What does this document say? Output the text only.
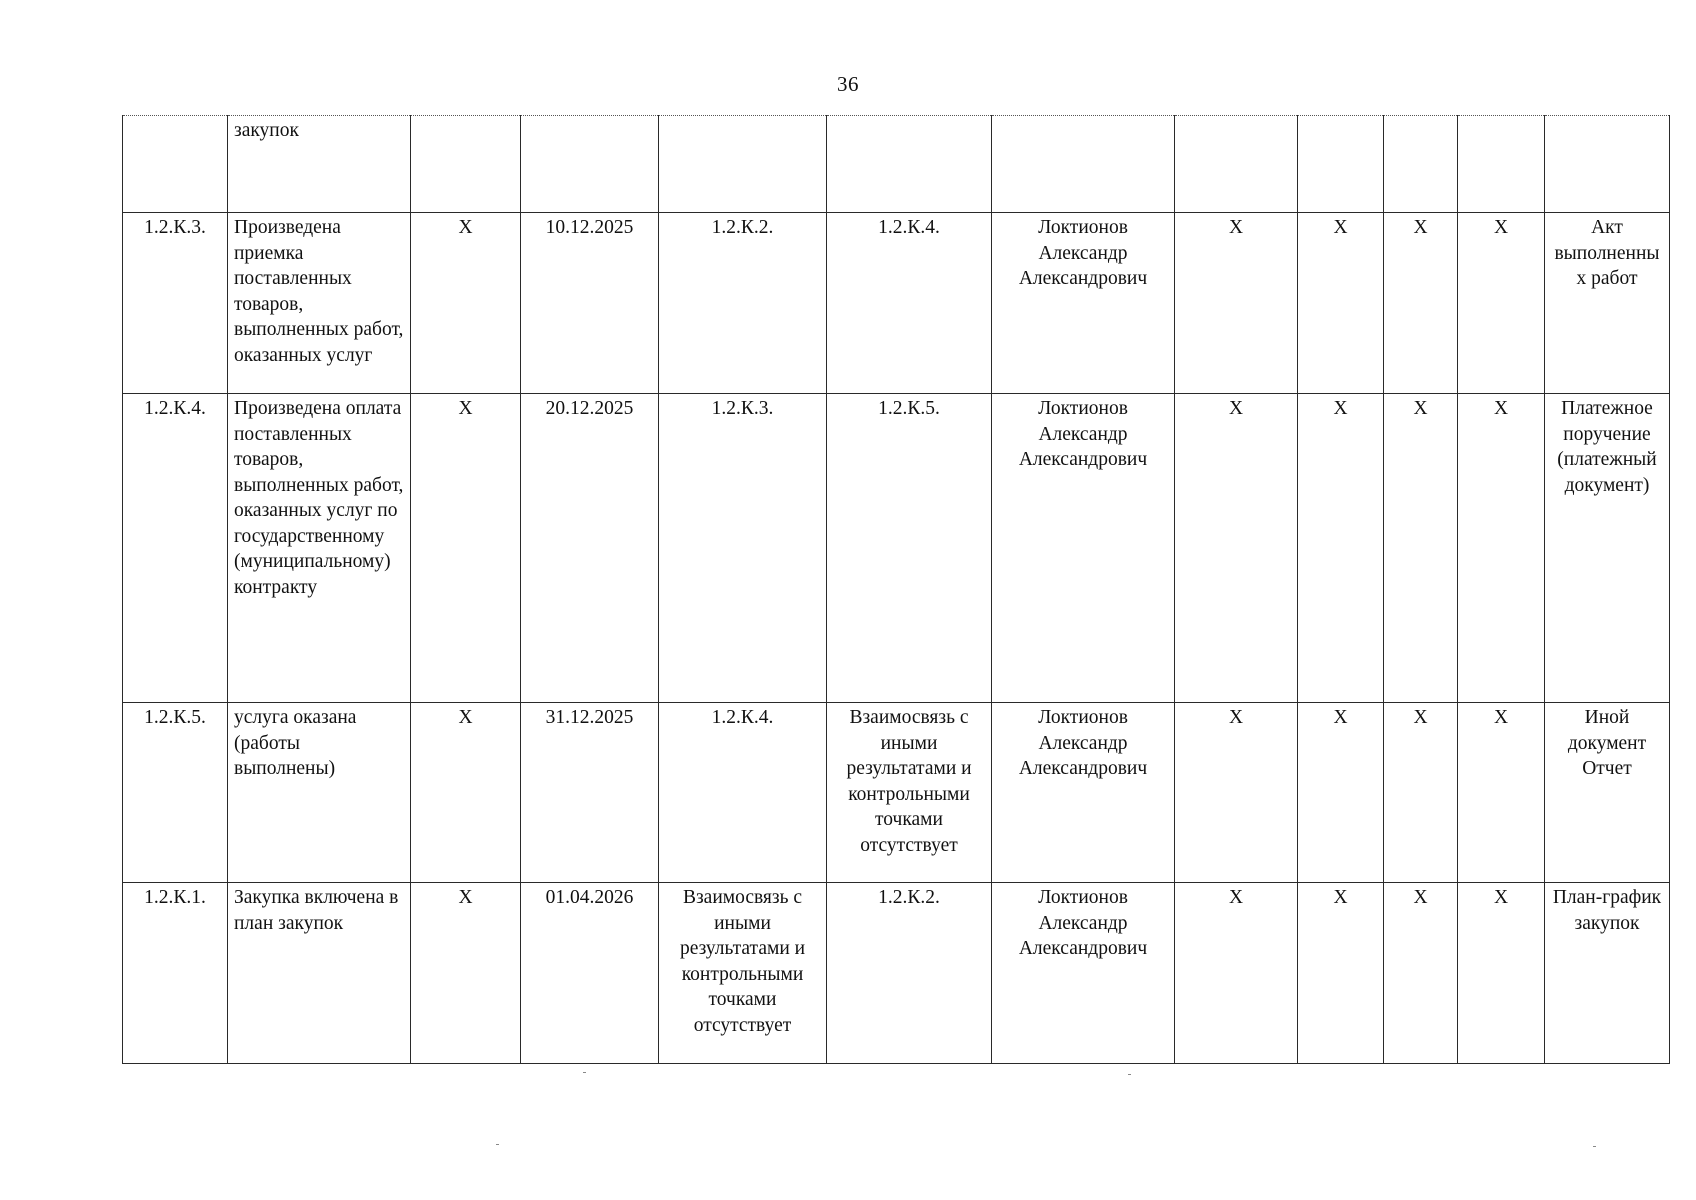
36
	закупок										
1.2.К.3.	Произведена приемка поставленных товаров, выполненных работ, оказанных услуг	X	10.12.2025	1.2.К.2.	1.2.К.4.	Локтионов Александр Александрович	X	X	X	X	Акт выполненных работ
1.2.К.4.	Произведена оплата поставленных товаров, выполненных работ, оказанных услуг по государственному (муниципальному) контракту	X	20.12.2025	1.2.К.3.	1.2.К.5.	Локтионов Александр Александрович	X	X	X	X	Платежное поручение (платежный документ)
1.2.К.5.	услуга оказана (работы выполнены)	X	31.12.2025	1.2.К.4.	Взаимосвязь с иными результатами и контрольными точками отсутствует	Локтионов Александр Александрович	X	X	X	X	Иной документ Отчет
1.2.К.1.	Закупка включена в план закупок	X	01.04.2026	Взаимосвязь с иными результатами и контрольными точками отсутствует	1.2.К.2.	Локтионов Александр Александрович	X	X	X	X	План-график закупок
